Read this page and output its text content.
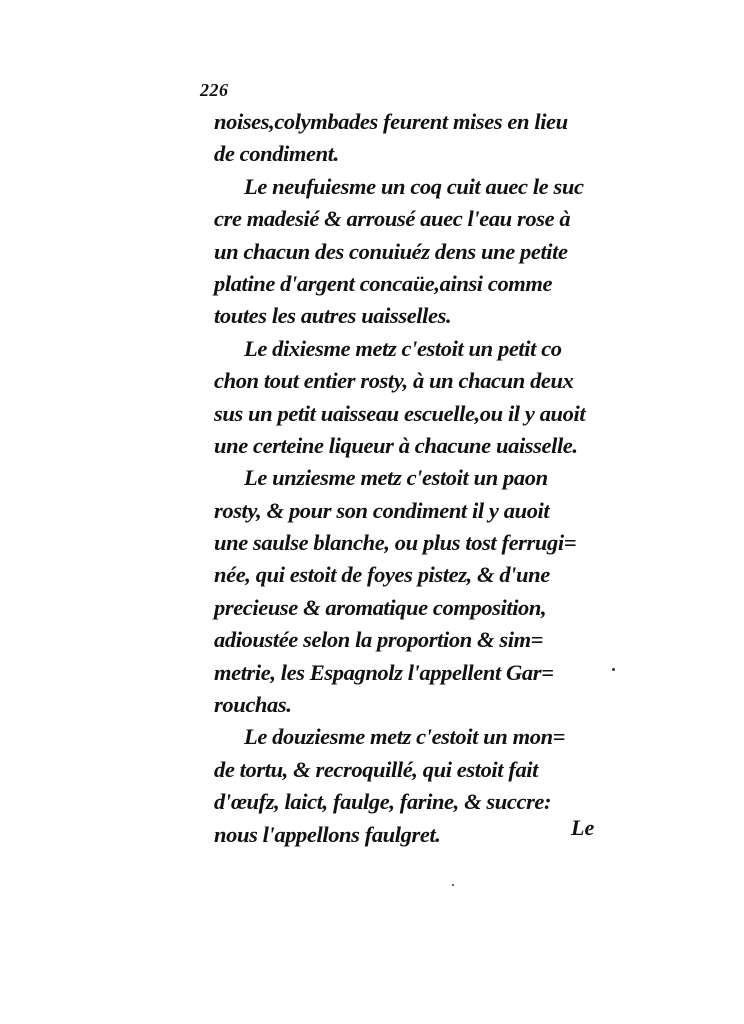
226
noises,colymbades feurent mises en lieu
de condiment.
Le neufuiesme un coq cuit auec le suc
cre madesié & arrousé auec l'eau rose à
un chacun des conuiuéz dens une petite
platine d'argent concaüe,ainsi comme
toutes les autres uaisselles.
Le dixiesme metz c'estoit un petit co
chon tout entier rosty, à un chacun deux
sus un petit uaisseau escuelle,ou il y auoit
une certeine liqueur à chacune uaisselle.
Le unziesme metz c'estoit un paon
rosty, & pour son condiment il y auoit
une saulse blanche, ou plus tost ferrugi=
née, qui estoit de foyes pistez, & d'une
precieuse & aromatique composition,
adioustée selon la proportion & sim=
metrie, les Espagnolz l'appellent Gar=
rouchas.
Le douziesme metz c'estoit un mon=
de tortu, & recroquillé, qui estoit fait
d'œufz, laict, faulge, farine, & succre:
nous l'appellons faulgret.	Le
